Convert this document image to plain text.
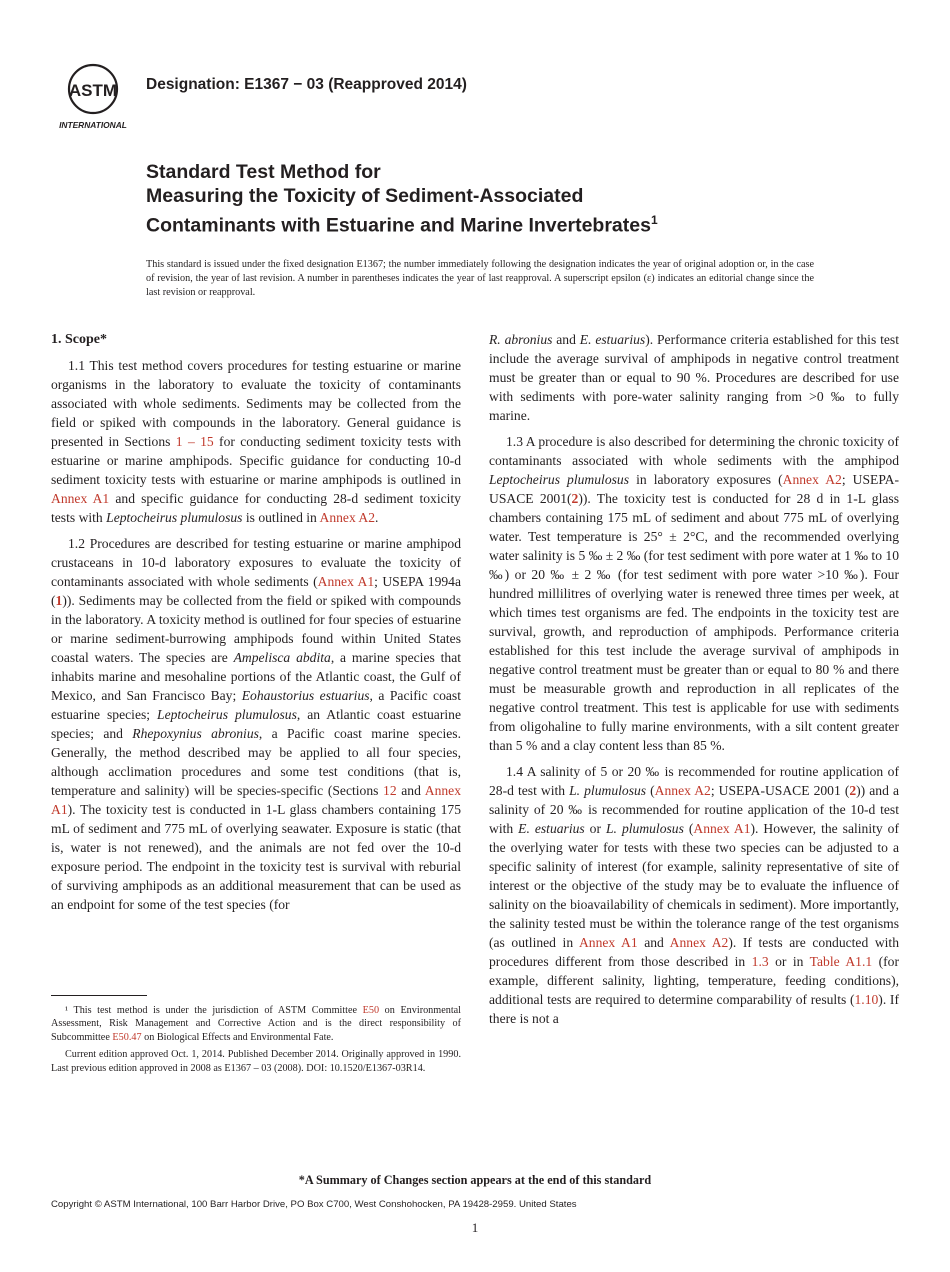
ASTM
INTERNATIONAL
Designation: E1367 − 03 (Reapproved 2014)
Standard Test Method for
Measuring the Toxicity of Sediment-Associated
Contaminants with Estuarine and Marine Invertebrates$^1$
This standard is issued under the fixed designation E1367; the number immediately following the designation indicates the year of original adoption or, in the case of revision, the year of last revision. A number in parentheses indicates the year of last reapproval. A superscript epsilon (ε) indicates an editorial change since the last revision or reapproval.
1. Scope*

1.1 This test method covers procedures for testing estuarine or marine organisms in the laboratory to evaluate the toxicity of contaminants associated with whole sediments. Sediments may be collected from the field or spiked with compounds in the laboratory. General guidance is presented in Sections 1 – 15 for conducting sediment toxicity tests with estuarine or marine amphipods. Specific guidance for conducting 10-d sediment toxicity tests with estuarine or marine amphipods is outlined in Annex A1 and specific guidance for conducting 28-d sediment toxicity tests with Leptocheirus plumulosus is outlined in Annex A2.

1.2 Procedures are described for testing estuarine or marine amphipod crustaceans in 10-d laboratory exposures to evaluate the toxicity of contaminants associated with whole sediments (Annex A1; USEPA 1994a (1)). Sediments may be collected from the field or spiked with compounds in the laboratory. A toxicity method is outlined for four species of estuarine or marine sediment-burrowing amphipods found within United States coastal waters. The species are Ampelisca abdita, a marine species that inhabits marine and mesohaline portions of the Atlantic coast, the Gulf of Mexico, and San Francisco Bay; Eohaustorius estuarius, a Pacific coast estuarine species; Leptocheirus plumulosus, an Atlantic coast estuarine species; and Rhepoxynius abronius, a Pacific coast marine species. Generally, the method described may be applied to all four species, although acclimation procedures and some test conditions (that is, temperature and salinity) will be species-specific (Sections 12 and Annex A1). The toxicity test is conducted in 1-L glass chambers containing 175 mL of sediment and 775 mL of overlying seawater. Exposure is static (that is, water is not renewed), and the animals are not fed over the 10-d exposure period. The endpoint in the toxicity test is survival with reburial of surviving amphipods as an additional measurement that can be used as an endpoint for some of the test species (for

¹ This test method is under the jurisdiction of ASTM Committee E50 on Environmental Assessment, Risk Management and Corrective Action and is the direct responsibility of Subcommittee E50.47 on Biological Effects and Environmental Fate.

Current edition approved Oct. 1, 2014. Published December 2014. Originally approved in 1990. Last previous edition approved in 2008 as E1367 – 03 (2008). DOI: 10.1520/E1367-03R14.

R. abronius and E. estuarius). Performance criteria established for this test include the average survival of amphipods in negative control treatment must be greater than or equal to 90 %. Procedures are described for use with sediments with pore-water salinity ranging from >0 ‰ to fully marine.

1.3 A procedure is also described for determining the chronic toxicity of contaminants associated with whole sediments with the amphipod Leptocheirus plumulosus in laboratory exposures (Annex A2; USEPA-USACE 2001(2)). The toxicity test is conducted for 28 d in 1-L glass chambers containing 175 mL of sediment and about 775 mL of overlying water. Test temperature is 25° ± 2°C, and the recommended overlying water salinity is 5 ‰ ± 2 ‰ (for test sediment with pore water at 1 ‰ to 10 ‰) or 20 ‰ ± 2 ‰ (for test sediment with pore water >10 ‰). Four hundred millilitres of overlying water is renewed three times per week, at which times test organisms are fed. The endpoints in the toxicity test are survival, growth, and reproduction of amphipods. Performance criteria established for this test include the average survival of amphipods in negative control treatment must be greater than or equal to 80 % and there must be measurable growth and reproduction in all replicates of the negative control treatment. This test is applicable for use with sediments from oligohaline to fully marine environments, with a silt content greater than 5 % and a clay content less than 85 %.

1.4 A salinity of 5 or 20 ‰ is recommended for routine application of 28-d test with L. plumulosus (Annex A2; USEPA-USACE 2001 (2)) and a salinity of 20 ‰ is recommended for routine application of the 10-d test with E. estuarius or L. plumulosus (Annex A1). However, the salinity of the overlying water for tests with these two species can be adjusted to a specific salinity of interest (for example, salinity representative of site of interest or the objective of the study may be to evaluate the influence of salinity on the bioavailability of chemicals in sediment). More importantly, the salinity tested must be within the tolerance range of the test organisms (as outlined in Annex A1 and Annex A2). If tests are conducted with procedures different from those described in 1.3 or in Table A1.1 (for example, different salinity, lighting, temperature, feeding conditions), additional tests are required to determine comparability of results (1.10). If there is not a

*A Summary of Changes section appears at the end of this standard
Copyright © ASTM International, 100 Barr Harbor Drive, PO Box C700, West Conshohocken, PA 19428-2959. United States
1
